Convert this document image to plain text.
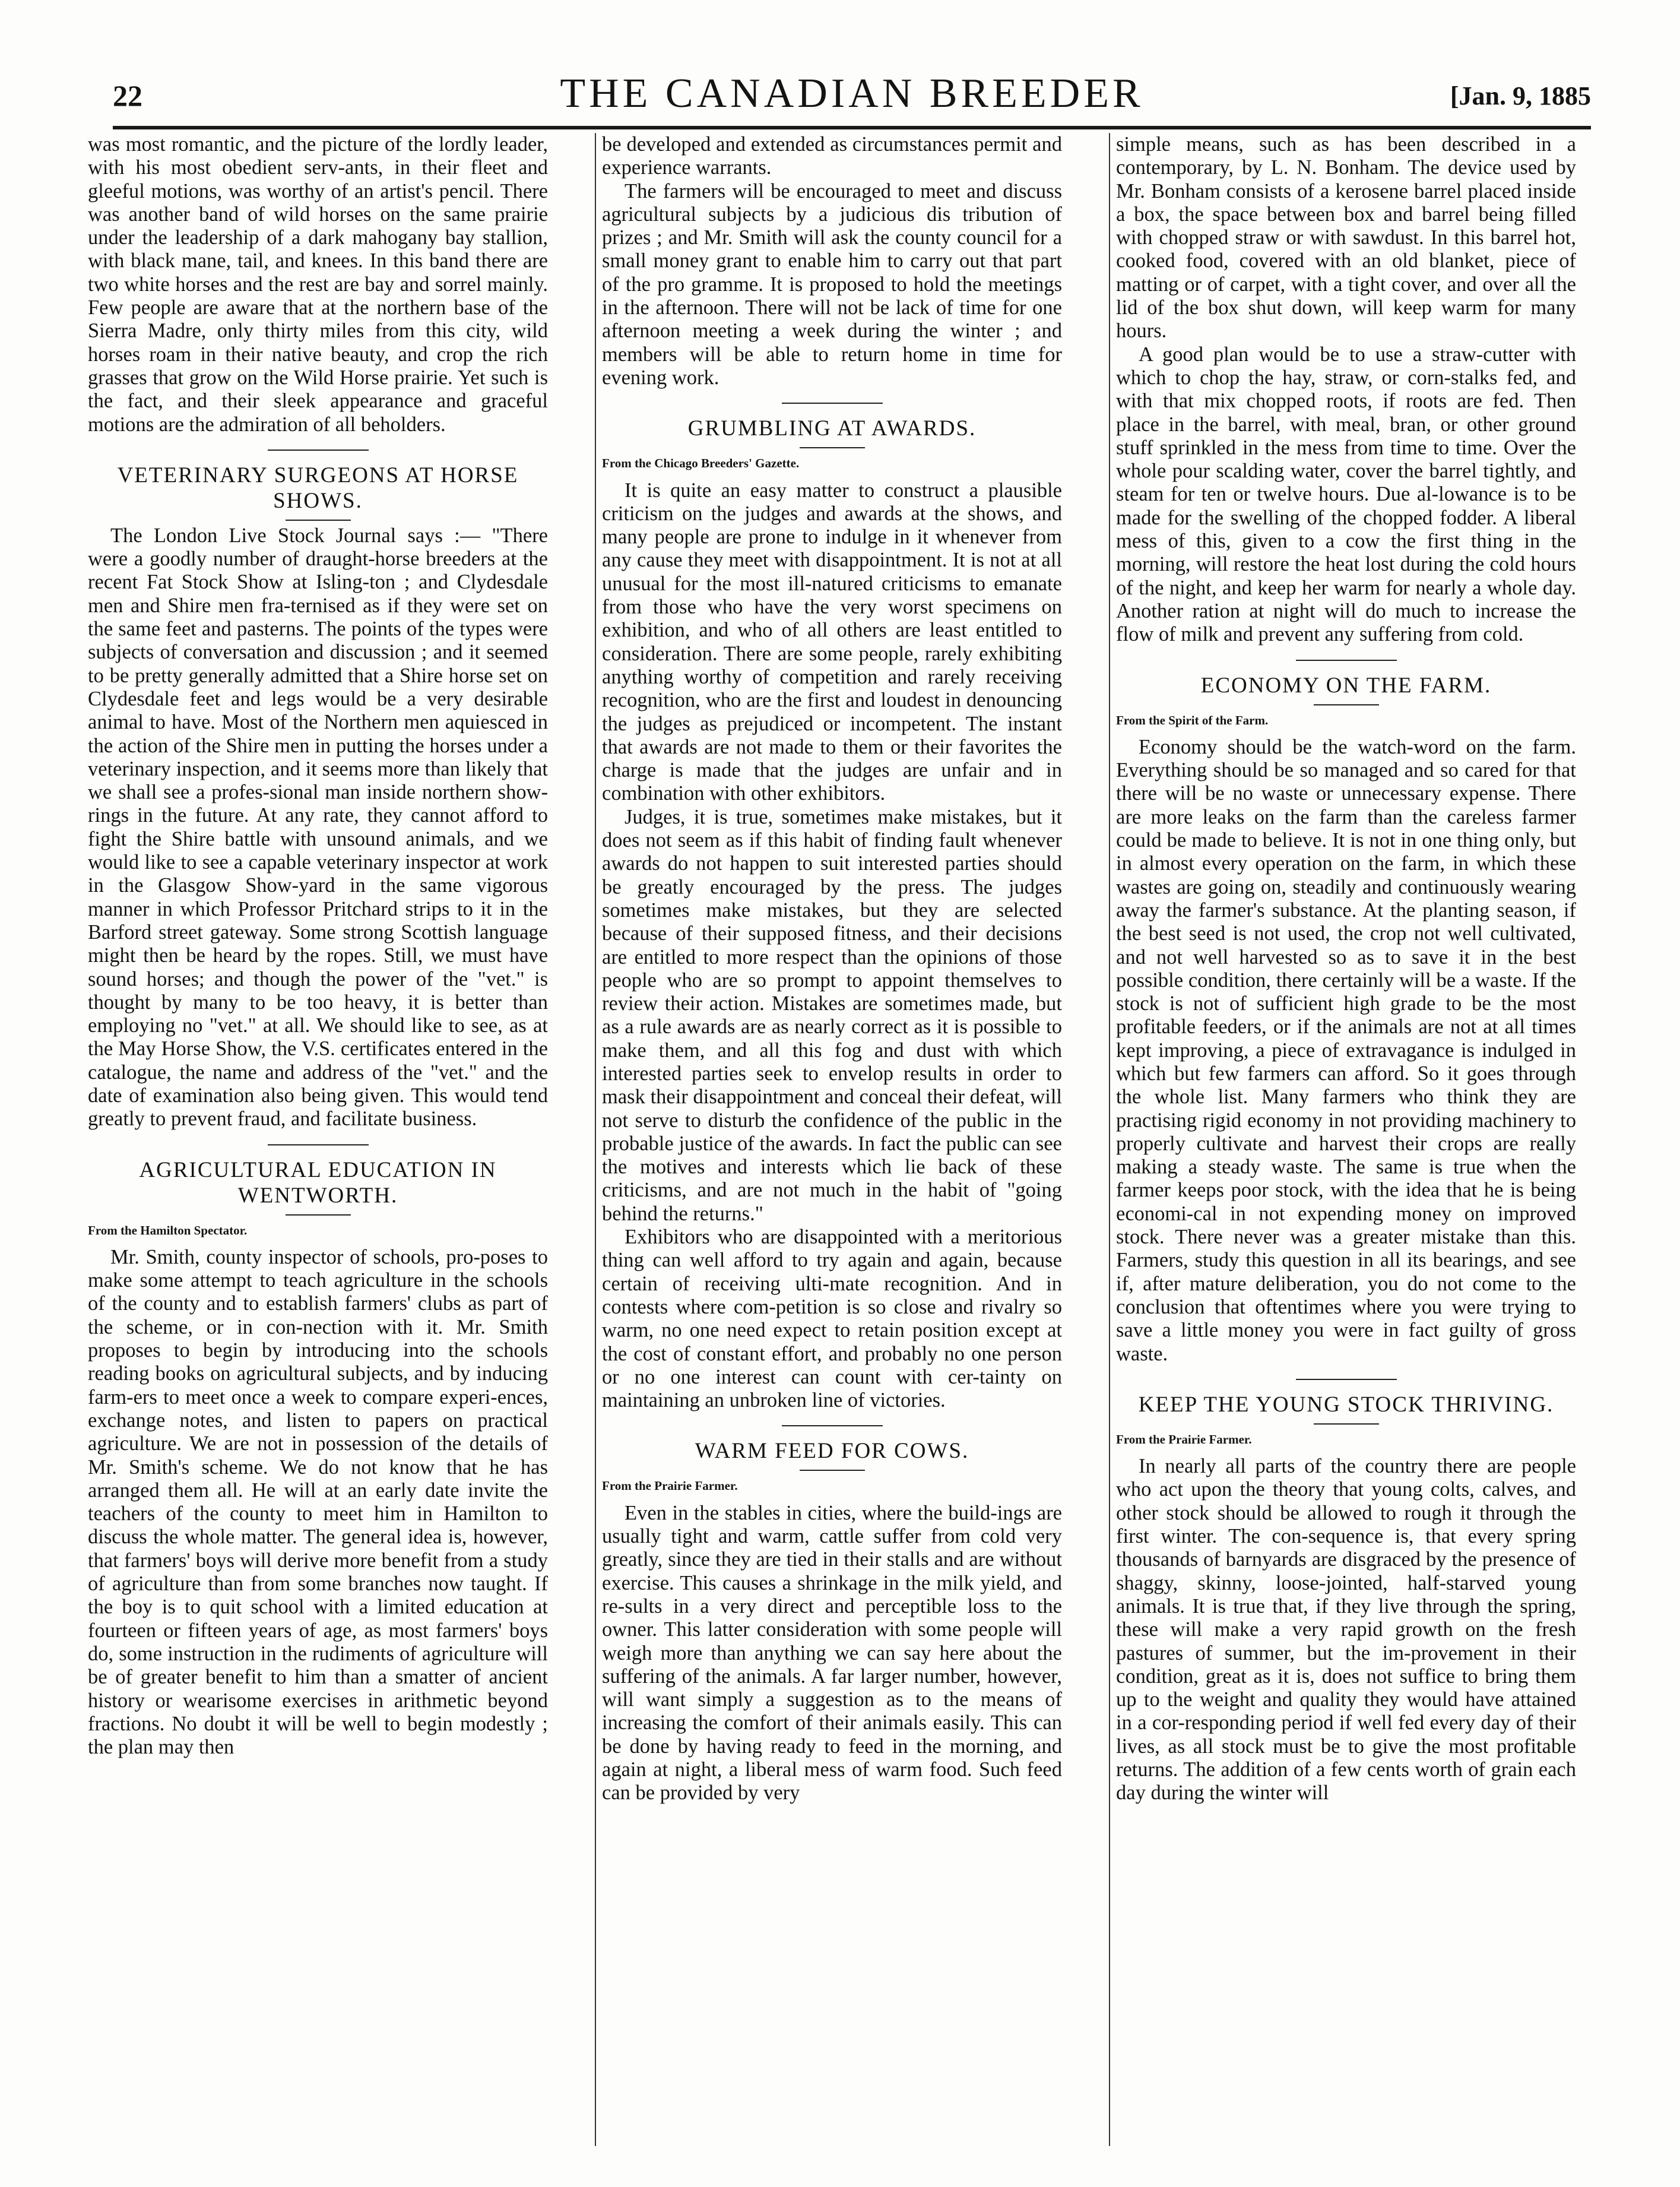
22	THE CANADIAN BREEDER	[Jan. 9, 1885

was most romantic, and the picture of the lordly leader, with his most obedient serv-ants, in their fleet and gleeful motions, was worthy of an artist's pencil. There was another band of wild horses on the same prairie under the leadership of a dark mahogany bay stallion, with black mane, tail, and knees. In this band there are two white horses and the rest are bay and sorrel mainly. Few people are aware that at the northern base of the Sierra Madre, only thirty miles from this city, wild horses roam in their native beauty, and crop the rich grasses that grow on the Wild Horse prairie. Yet such is the fact, and their sleek appearance and graceful motions are the admiration of all beholders.

VETERINARY SURGEONS AT HORSE SHOWS.

The London Live Stock Journal says :— "There were a goodly number of draught-horse breeders at the recent Fat Stock Show at Isling-ton ; and Clydesdale men and Shire men fra-ternised as if they were set on the same feet and pasterns. The points of the types were subjects of conversation and discussion ; and it seemed to be pretty generally admitted that a Shire horse set on Clydesdale feet and legs would be a very desirable animal to have. Most of the Northern men aquiesced in the action of the Shire men in putting the horses under a veterinary inspection, and it seems more than likely that we shall see a profes-sional man inside northern show-rings in the future. At any rate, they cannot afford to fight the Shire battle with unsound animals, and we would like to see a capable veterinary inspector at work in the Glasgow Show-yard in the same vigorous manner in which Professor Pritchard strips to it in the Barford street gateway. Some strong Scottish language might then be heard by the ropes. Still, we must have sound horses; and though the power of the "vet." is thought by many to be too heavy, it is better than employing no "vet." at all. We should like to see, as at the May Horse Show, the V.S. certificates entered in the catalogue, the name and address of the "vet." and the date of examination also being given. This would tend greatly to prevent fraud, and facilitate business.

AGRICULTURAL EDUCATION IN WENTWORTH.
From the Hamilton Spectator.

Mr. Smith, county inspector of schools, pro-poses to make some attempt to teach agriculture in the schools of the county and to establish farmers' clubs as part of the scheme, or in con-nection with it. Mr. Smith proposes to begin by introducing into the schools reading books on agricultural subjects, and by inducing farm-ers to meet once a week to compare experi-ences, exchange notes, and listen to papers on practical agriculture. We are not in possession of the details of Mr. Smith's scheme. We do not know that he has arranged them all. He will at an early date invite the teachers of the county to meet him in Hamilton to discuss the whole matter. The general idea is, however, that farmers' boys will derive more benefit from a study of agriculture than from some branches now taught. If the boy is to quit school with a limited education at fourteen or fifteen years of age, as most farmers' boys do, some instruction in the rudiments of agriculture will be of greater benefit to him than a smatter of ancient history or wearisome exercises in arithmetic beyond fractions. No doubt it will be well to begin modestly ; the plan may then

be developed and extended as circumstances permit and experience warrants.

The farmers will be encouraged to meet and discuss agricultural subjects by a judicious dis tribution of prizes ; and Mr. Smith will ask the county council for a small money grant to enable him to carry out that part of the pro gramme. It is proposed to hold the meetings in the afternoon. There will not be lack of time for one afternoon meeting a week during the winter ; and members will be able to return home in time for evening work.

GRUMBLING AT AWARDS.
From the Chicago Breeders' Gazette.

It is quite an easy matter to construct a plausible criticism on the judges and awards at the shows, and many people are prone to indulge in it whenever from any cause they meet with disappointment. It is not at all unusual for the most ill-natured criticisms to emanate from those who have the very worst specimens on exhibition, and who of all others are least entitled to consideration. There are some people, rarely exhibiting anything worthy of competition and rarely receiving recognition, who are the first and loudest in denouncing the judges as prejudiced or incompetent. The instant that awards are not made to them or their favorites the charge is made that the judges are unfair and in combination with other exhibitors.

Judges, it is true, sometimes make mistakes, but it does not seem as if this habit of finding fault whenever awards do not happen to suit interested parties should be greatly encouraged by the press. The judges sometimes make mistakes, but they are selected because of their supposed fitness, and their decisions are entitled to more respect than the opinions of those people who are so prompt to appoint themselves to review their action. Mistakes are sometimes made, but as a rule awards are as nearly correct as it is possible to make them, and all this fog and dust with which interested parties seek to envelop results in order to mask their disappointment and conceal their defeat, will not serve to disturb the confidence of the public in the probable justice of the awards. In fact the public can see the motives and interests which lie back of these criticisms, and are not much in the habit of "going behind the returns."

Exhibitors who are disappointed with a meritorious thing can well afford to try again and again, because certain of receiving ulti-mate recognition. And in contests where com-petition is so close and rivalry so warm, no one need expect to retain position except at the cost of constant effort, and probably no one person or no one interest can count with cer-tainty on maintaining an unbroken line of victories.

WARM FEED FOR COWS.
From the Prairie Farmer.

Even in the stables in cities, where the build-ings are usually tight and warm, cattle suffer from cold very greatly, since they are tied in their stalls and are without exercise. This causes a shrinkage in the milk yield, and re-sults in a very direct and perceptible loss to the owner. This latter consideration with some people will weigh more than anything we can say here about the suffering of the animals. A far larger number, however, will want simply a suggestion as to the means of increasing the comfort of their animals easily. This can be done by having ready to feed in the morning, and again at night, a liberal mess of warm food. Such feed can be provided by very

simple means, such as has been described in a contemporary, by L. N. Bonham. The device used by Mr. Bonham consists of a kerosene barrel placed inside a box, the space between box and barrel being filled with chopped straw or with sawdust. In this barrel hot, cooked food, covered with an old blanket, piece of matting or of carpet, with a tight cover, and over all the lid of the box shut down, will keep warm for many hours.

A good plan would be to use a straw-cutter with which to chop the hay, straw, or corn-stalks fed, and with that mix chopped roots, if roots are fed. Then place in the barrel, with meal, bran, or other ground stuff sprinkled in the mess from time to time. Over the whole pour scalding water, cover the barrel tightly, and steam for ten or twelve hours. Due al-lowance is to be made for the swelling of the chopped fodder. A liberal mess of this, given to a cow the first thing in the morning, will restore the heat lost during the cold hours of the night, and keep her warm for nearly a whole day. Another ration at night will do much to increase the flow of milk and prevent any suffering from cold.

ECONOMY ON THE FARM.
From the Spirit of the Farm.

Economy should be the watch-word on the farm. Everything should be so managed and so cared for that there will be no waste or unnecessary expense. There are more leaks on the farm than the careless farmer could be made to believe. It is not in one thing only, but in almost every operation on the farm, in which these wastes are going on, steadily and continuously wearing away the farmer's substance. At the planting season, if the best seed is not used, the crop not well cultivated, and not well harvested so as to save it in the best possible condition, there certainly will be a waste. If the stock is not of sufficient high grade to be the most profitable feeders, or if the animals are not at all times kept improving, a piece of extravagance is indulged in which but few farmers can afford. So it goes through the whole list. Many farmers who think they are practising rigid economy in not providing machinery to properly cultivate and harvest their crops are really making a steady waste. The same is true when the farmer keeps poor stock, with the idea that he is being economi-cal in not expending money on improved stock. There never was a greater mistake than this. Farmers, study this question in all its bearings, and see if, after mature deliberation, you do not come to the conclusion that oftentimes where you were trying to save a little money you were in fact guilty of gross waste.

KEEP THE YOUNG STOCK THRIVING.
From the Prairie Farmer.

In nearly all parts of the country there are people who act upon the theory that young colts, calves, and other stock should be allowed to rough it through the first winter. The con-sequence is, that every spring thousands of barnyards are disgraced by the presence of shaggy, skinny, loose-jointed, half-starved young animals. It is true that, if they live through the spring, these will make a very rapid growth on the fresh pastures of summer, but the im-provement in their condition, great as it is, does not suffice to bring them up to the weight and quality they would have attained in a cor-responding period if well fed every day of their lives, as all stock must be to give the most profitable returns. The addition of a few cents worth of grain each day during the winter will
